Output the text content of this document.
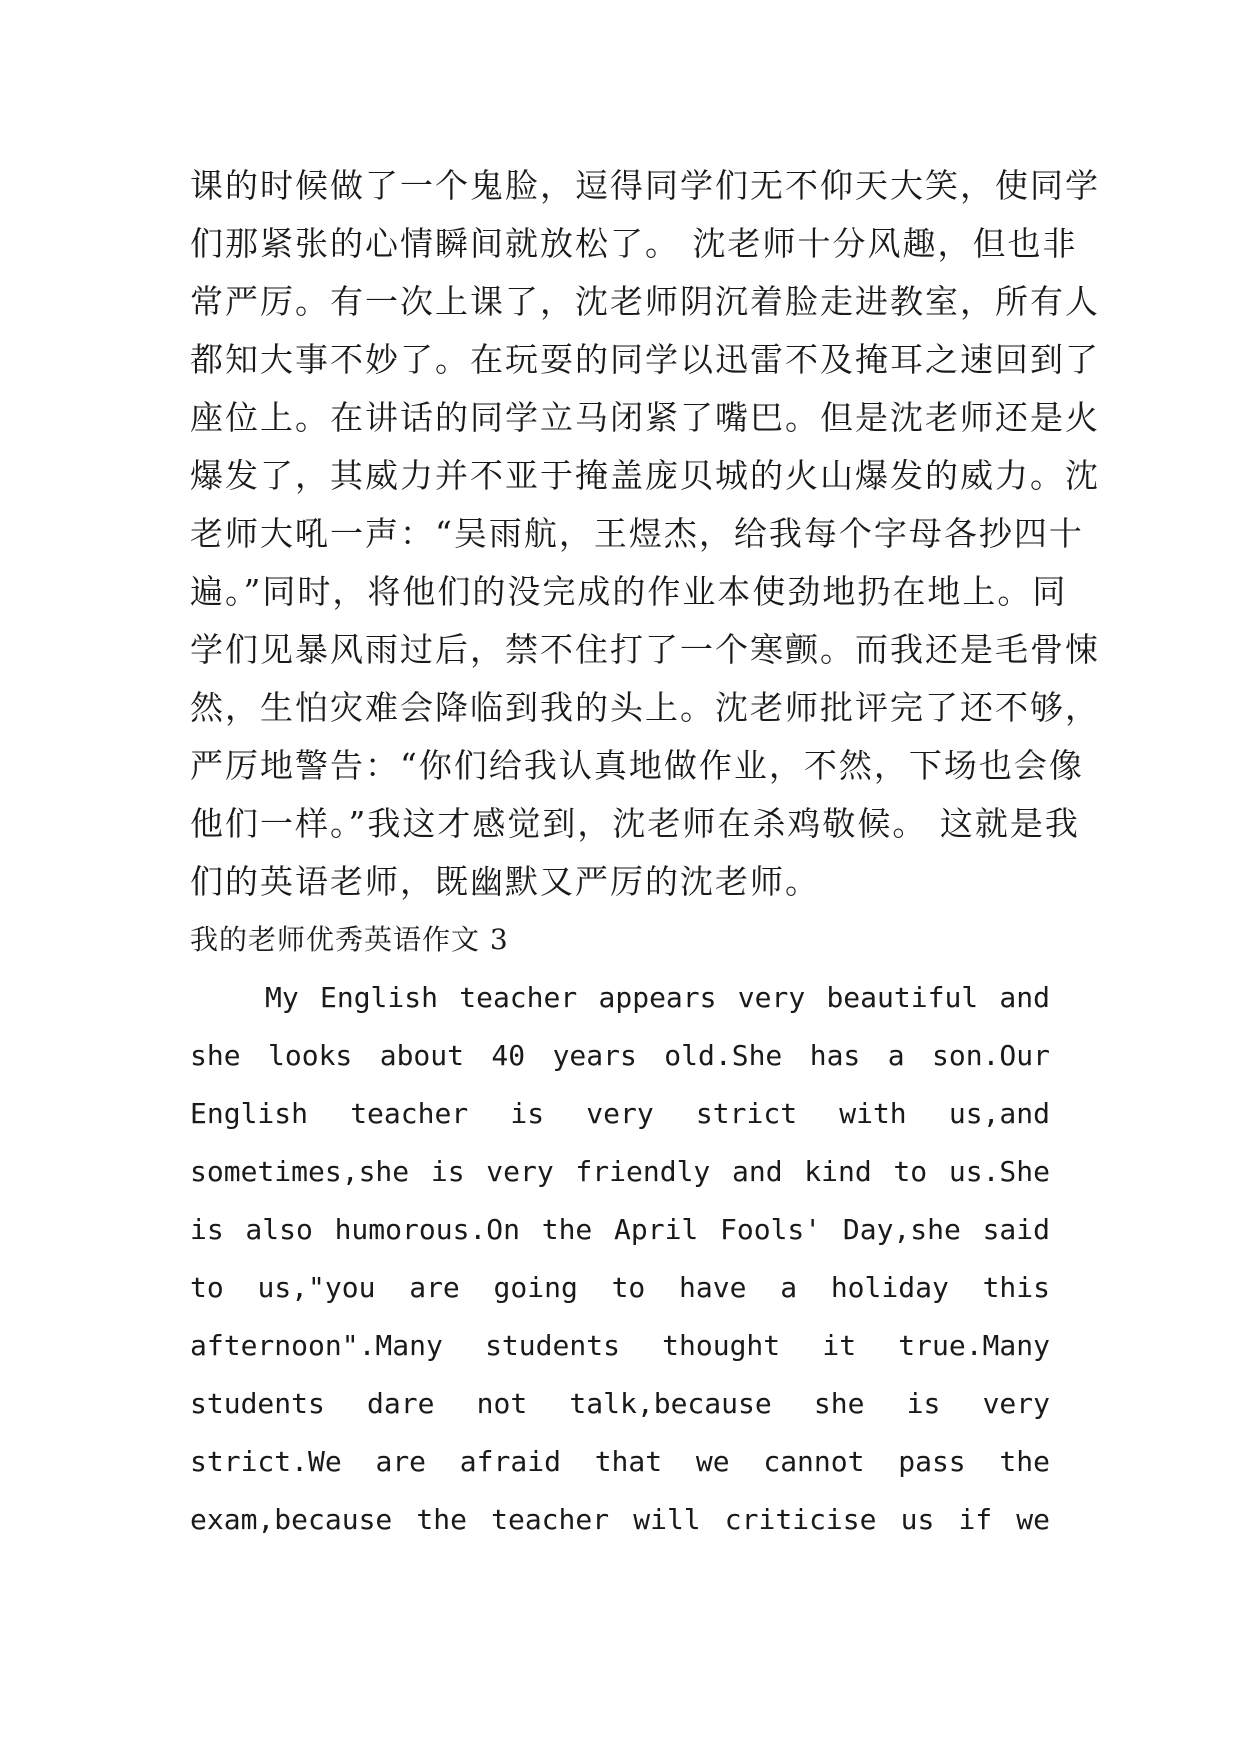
课的时候做了一个鬼脸，逗得同学们无不仰天大笑，使同学
们那紧张的心情瞬间就放松了。 沈老师十分风趣，但也非
常严厉。有一次上课了，沈老师阴沉着脸走进教室，所有人
都知大事不妙了。在玩耍的同学以迅雷不及掩耳之速回到了
座位上。在讲话的同学立马闭紧了嘴巴。但是沈老师还是火
爆发了，其威力并不亚于掩盖庞贝城的火山爆发的威力。沈
老师大吼一声：“吴雨航，王煜杰，给我每个字母各抄四十
遍。”同时，将他们的没完成的作业本使劲地扔在地上。同
学们见暴风雨过后，禁不住打了一个寒颤。而我还是毛骨悚
然，生怕灾难会降临到我的头上。沈老师批评完了还不够，
严厉地警告：“你们给我认真地做作业，不然，下场也会像
他们一样。”我这才感觉到，沈老师在杀鸡敬候。 这就是我
们的英语老师，既幽默又严厉的沈老师。
我的老师优秀英语作文 3
My English teacher appears very beautiful and
she looks about 40 years old.She has a son.Our
English teacher is very strict with us,and
sometimes,she is very friendly and kind to us.She
is also humorous.On the April Fools' Day,she said
to us,"you are going to have a holiday this
afternoon".Many students thought it true.Many
students dare not talk,because she is very
strict.We are afraid that we cannot pass the
exam,because the teacher will criticise us if we
